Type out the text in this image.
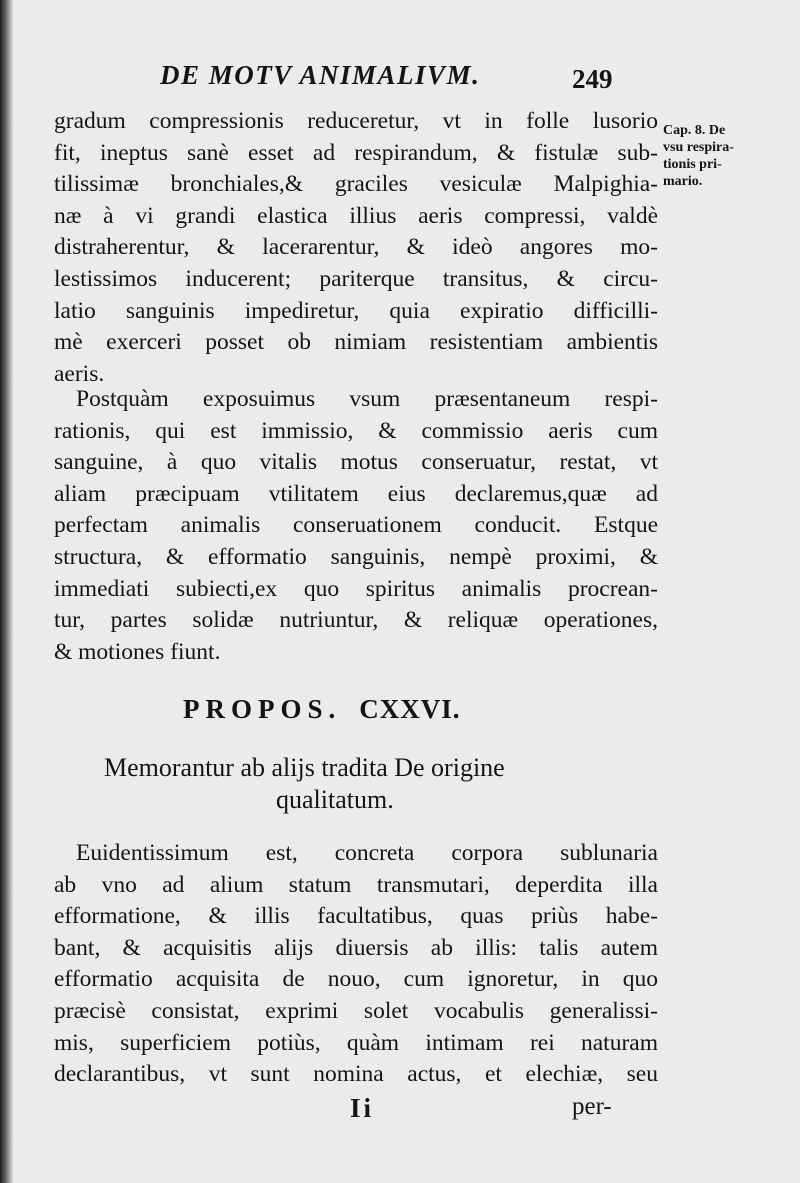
DE MOTV ANIMALIVM.	249
Cap. 8. De
vsu respira-
tionis pri-
mario.
gradum compressionis reduceretur, vt in folle lusorio
fit, ineptus sanè esset ad respirandum, & fistulæ sub-
tilissimæ bronchiales,& graciles vesiculæ Malpighia-
næ à vi grandi elastica illius aeris compressi, valdè
distraherentur, & lacerarentur, & ideò angores mo-
lestissimos inducerent; pariterque transitus, & circu-
latio sanguinis impediretur, quia expiratio difficilli-
mè exerceri posset ob nimiam resistentiam ambientis
aeris.
Postquàm exposuimus vsum præsentaneum respi-
rationis, qui est immissio, & commissio aeris cum
sanguine, à quo vitalis motus conseruatur, restat, vt
aliam præcipuam vtilitatem eius declaremus,quæ ad
perfectam animalis conseruationem conducit. Estque
structura, & efformatio sanguinis, nempè proximi, &
immediati subiecti,ex quo spiritus animalis procrean-
tur, partes solidæ nutriuntur, & reliquæ operationes,
& motiones fiunt.
PROPOS. CXXVI.
Memorantur ab alijs tradita De origine
qualitatum.
Euidentissimum est, concreta corpora sublunaria
ab vno ad alium statum transmutari, deperdita illa
efformatione, & illis facultatibus, quas priùs habe-
bant, & acquisitis alijs diuersis ab illis: talis autem
efformatio acquisita de nouo, cum ignoretur, in quo
præcisè consistat, exprimi solet vocabulis generalissi-
mis, superficiem potiùs, quàm intimam rei naturam
declarantibus, vt sunt nomina actus, et elechiæ, seu
Ii	per-
